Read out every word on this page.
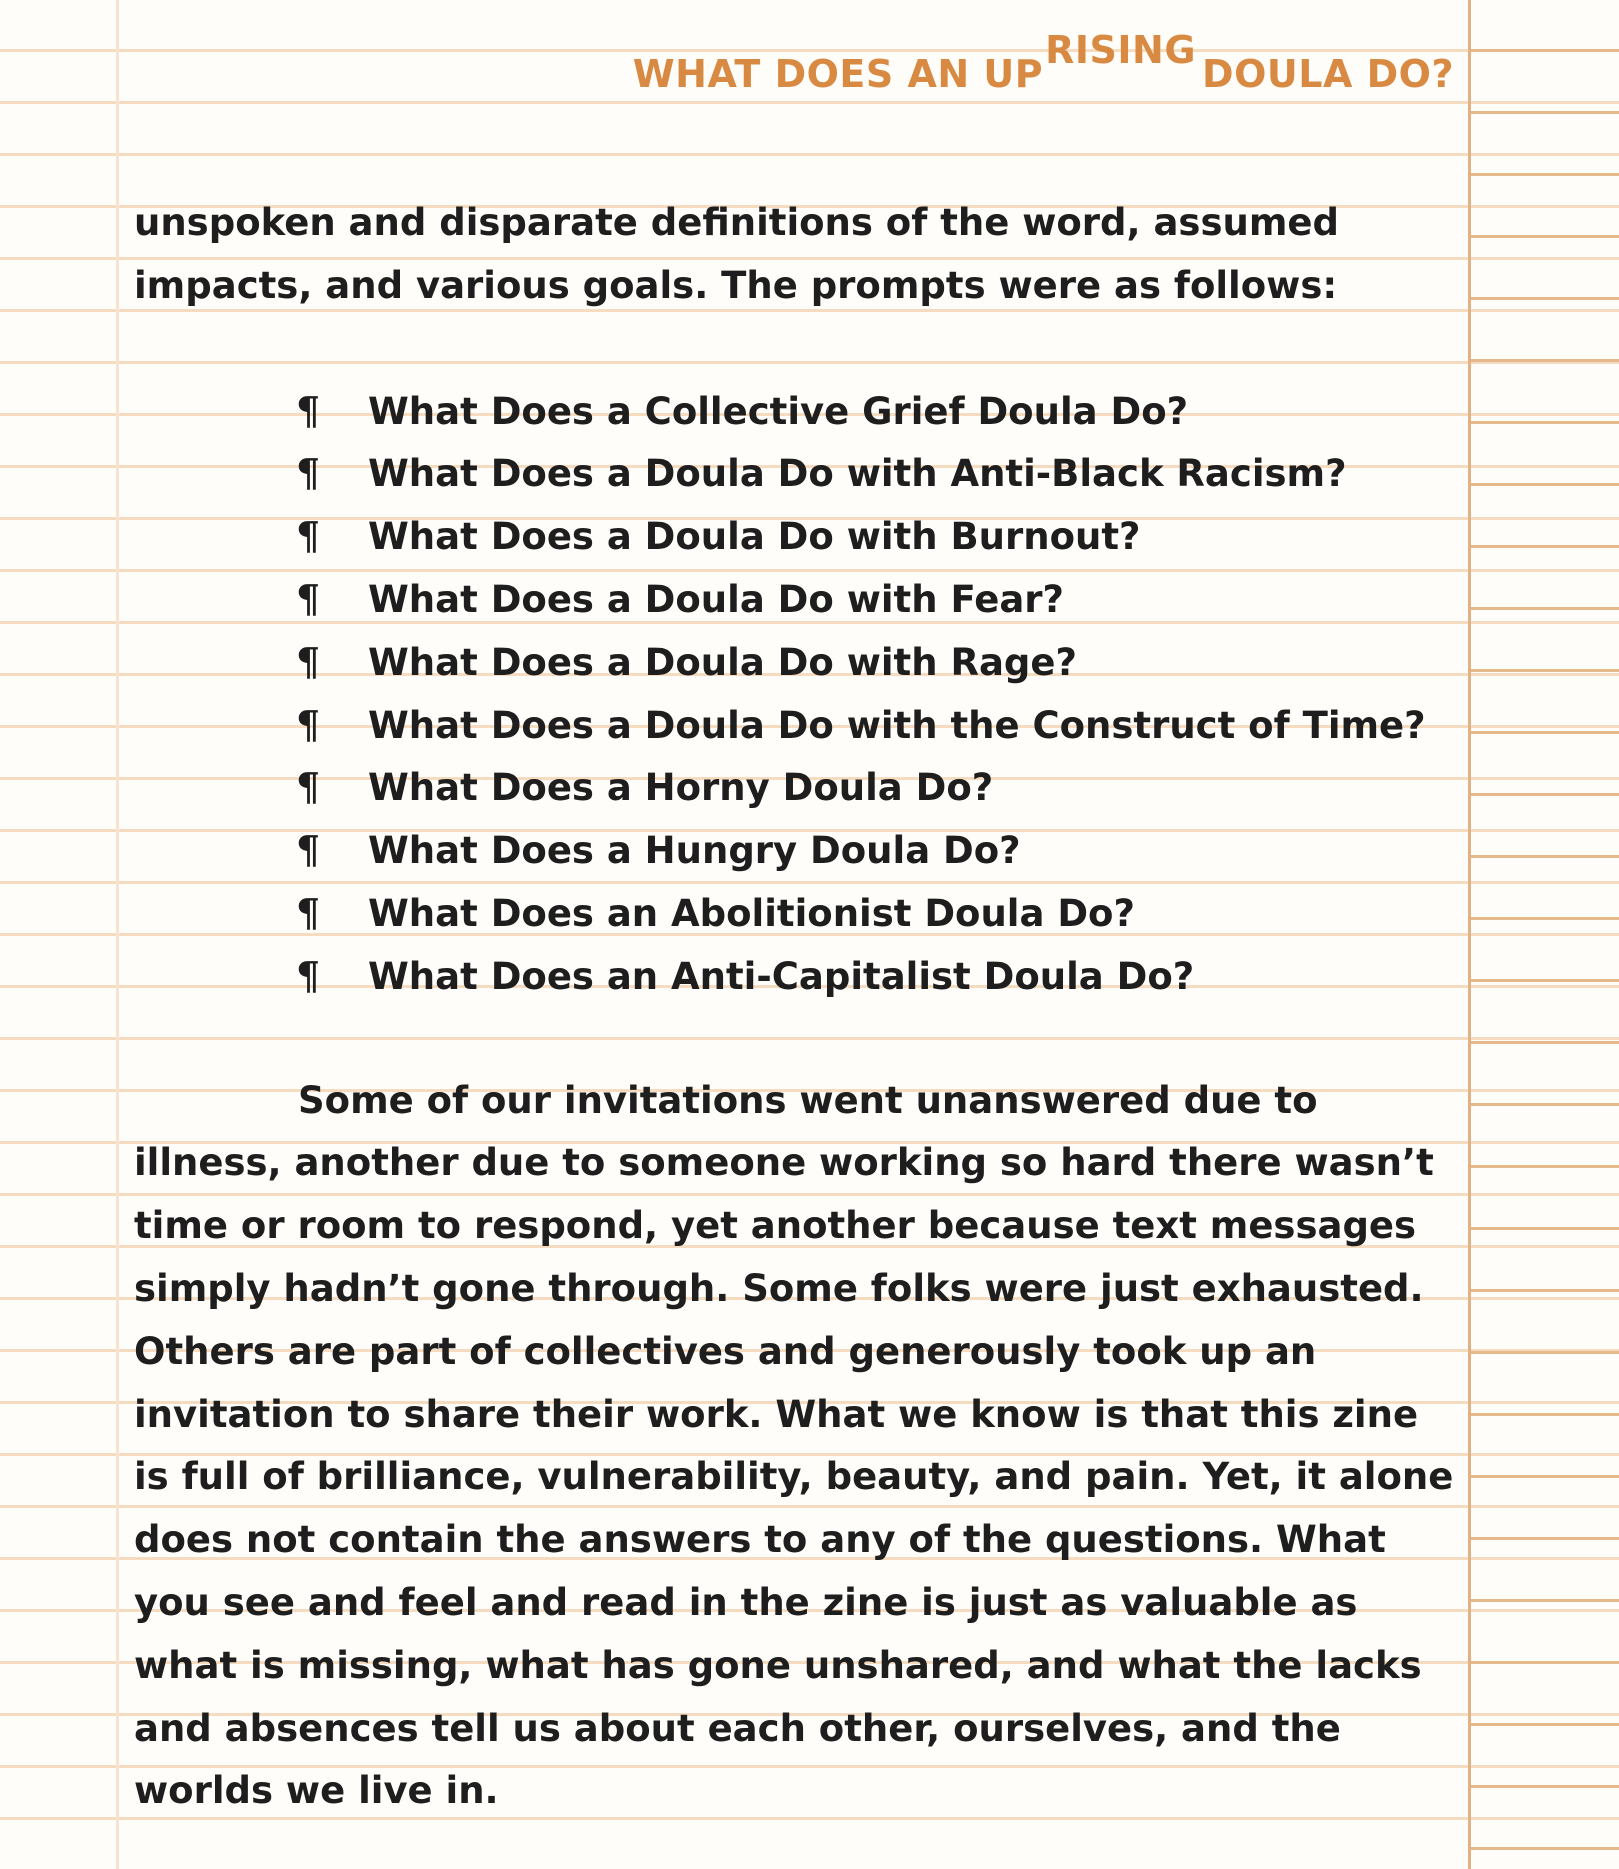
WHAT DOES AN UPRISINGDOULA DO?

unspoken and disparate definitions of the word, assumed

impacts, and various goals. The prompts were as follows:

¶	What Does a Collective Grief Doula Do?
¶	What Does a Doula Do with Anti-Black Racism?
¶	What Does a Doula Do with Burnout?
¶	What Does a Doula Do with Fear?
¶	What Does a Doula Do with Rage?
¶	What Does a Doula Do with the Construct of Time?
¶	What Does a Horny Doula Do?
¶	What Does a Hungry Doula Do?
¶	What Does an Abolitionist Doula Do?
¶	What Does an Anti-Capitalist Doula Do?

Some of our invitations went unanswered due to

illness, another due to someone working so hard there wasn’t

time or room to respond, yet another because text messages

simply hadn’t gone through. Some folks were just exhausted.

Others are part of collectives and generously took up an

invitation to share their work. What we know is that this zine

is full of brilliance, vulnerability, beauty, and pain. Yet, it alone

does not contain the answers to any of the questions. What

you see and feel and read in the zine is just as valuable as

what is missing, what has gone unshared, and what the lacks

and absences tell us about each other, ourselves, and the

worlds we live in.
